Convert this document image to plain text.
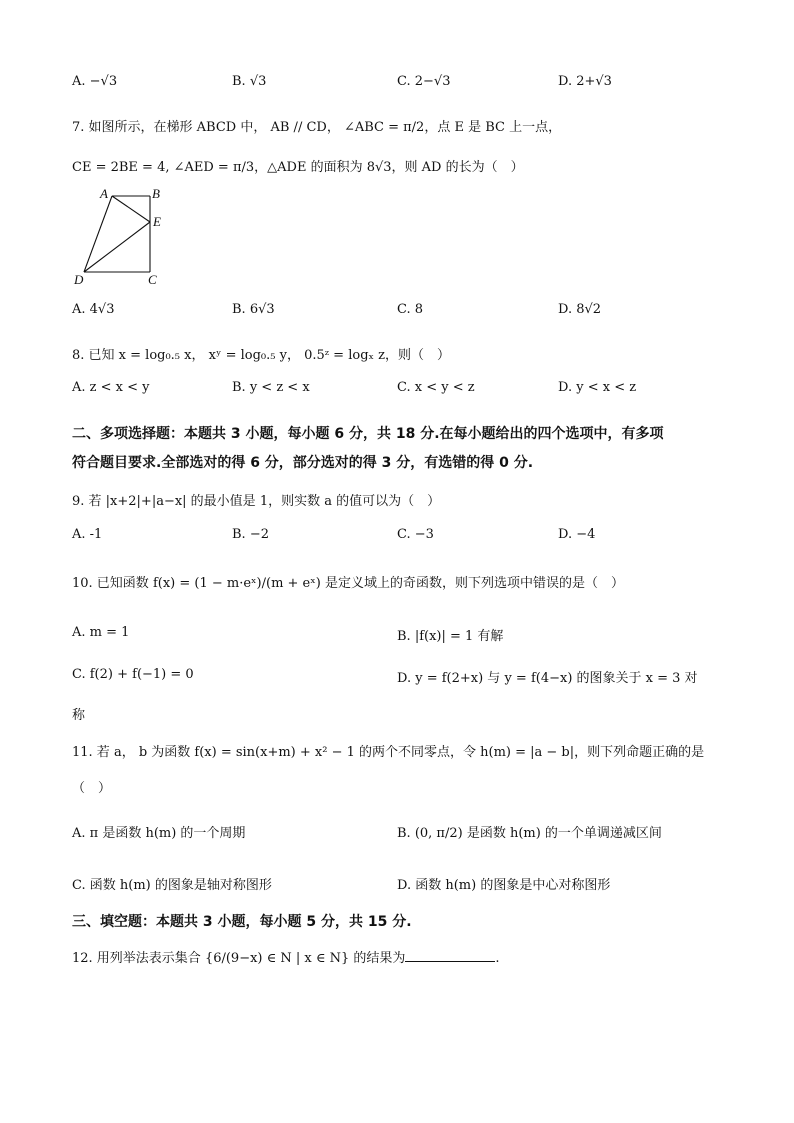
A. −√3	B. √3	C. 2−√3	D. 2+√3
7. 如图所示，在梯形 ABCD 中， AB // CD， ∠ABC = π/2，点 E 是 BC 上一点，
CE = 2BE = 4, ∠AED = π/3，△ADE 的面积为 8√3，则 AD 的长为（　）
A	B
E
D	C
A. 4√3	B. 6√3	C. 8	D. 8√2
8. 已知 x = log₀.₅ x， xʸ = log₀.₅ y， 0.5ᶻ = logₓ z，则（　）
A. z < x < y	B. y < z < x	C. x < y < z	D. y < x < z
二、多项选择题：本题共 3 小题，每小题 6 分，共 18 分.在每小题给出的四个选项中，有多项
符合题目要求.全部选对的得 6 分，部分选对的得 3 分，有选错的得 0 分.
9. 若 |x+2|+|a−x| 的最小值是 1，则实数 a 的值可以为（　）
A. -1	B. −2	C. −3	D. −4
10. 已知函数 f(x) = (1 − m·eˣ)/(m + eˣ) 是定义域上的奇函数，则下列选项中错误的是（　）
A. m = 1	B. |f(x)| = 1 有解
C. f(2) + f(−1) = 0	D. y = f(2+x) 与 y = f(4−x) 的图象关于 x = 3 对
称
11. 若 a， b 为函数 f(x) = sin(x+m) + x² − 1 的两个不同零点，令 h(m) = |a − b|，则下列命题正确的是
（　）
A. π 是函数 h(m) 的一个周期	B. (0, π/2) 是函数 h(m) 的一个单调递减区间
C. 函数 h(m) 的图象是轴对称图形	D. 函数 h(m) 的图象是中心对称图形
三、填空题：本题共 3 小题，每小题 5 分，共 15 分.
12. 用列举法表示集合 {6/(9−x) ∈ N | x ∈ N} 的结果为	.
